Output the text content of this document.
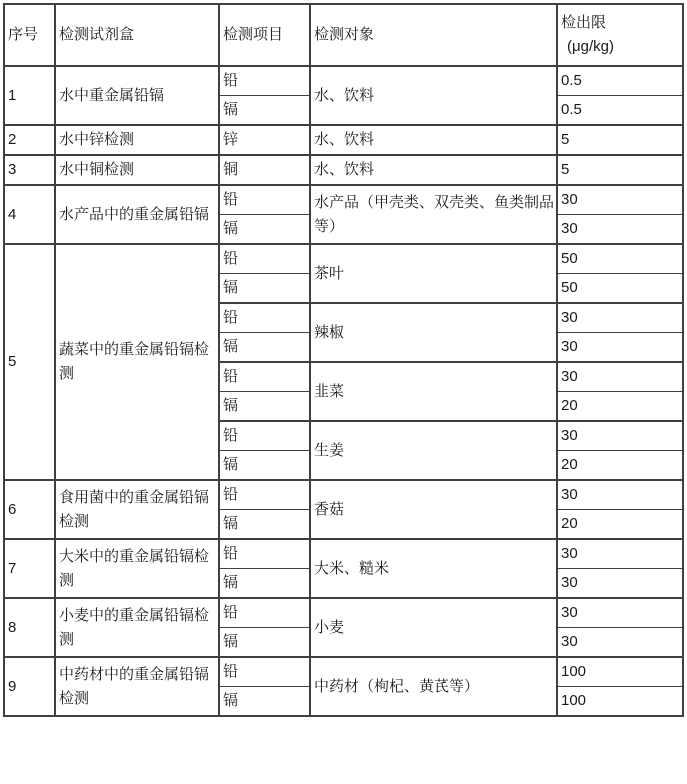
序号	检测试剂盒	检测项目	检测对象	检出限
(μg/kg)

1	水中重金属铅镉	铅	水、饮料	0.5
		镉		0.5
2	水中锌检测	锌	水、饮料	5
3	水中铜检测	铜	水、饮料	5
4	水产品中的重金属铅镉	铅	水产品（甲壳类、双壳类、鱼类制品等）	30
		镉		30
5	蔬菜中的重金属铅镉检测	铅	茶叶	50
		镉		50
		铅	辣椒	30
		镉		30
		铅	韭菜	30
		镉		20
		铅	生姜	30
		镉		20
6	食用菌中的重金属铅镉检测	铅	香菇	30
		镉		20
7	大米中的重金属铅镉检测	铅	大米、糙米	30
		镉		30
8	小麦中的重金属铅镉检测	铅	小麦	30
		镉		30
9	中药材中的重金属铅镉检测	铅	中药材（枸杞、黄芪等）	100
		镉		100
